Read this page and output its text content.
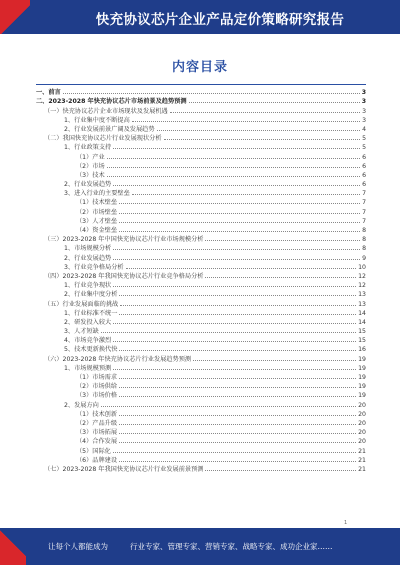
快充协议芯片企业产品定价策略研究报告
内容目录
一、前言	3
二、2023-2028 年快充协议芯片市场前景及趋势预测	3
（一）快充协议芯片企业市场现状及发展机遇	3
1、行业集中度不断提高	3
2、行业发展前景广阔及发展趋势	4
（二）我国快充协议芯片行业发展现状分析	5
1、行业政策支持	5
（1）产业	6
（2）市场	6
（3）技术	6
2、行业发展趋势	6
3、进入行业的主要壁垒	7
（1）技术壁垒	7
（2）市场壁垒	7
（3）人才壁垒	7
（4）资金壁垒	8
（三）2023-2028 年中国快充协议芯片行业市场规模分析	8
1、市场规模分析	8
2、行业发展趋势	9
3、行业竞争格局分析	10
（四）2023-2028 年我国快充协议芯片行业竞争格局分析	12
1、行业竞争现状	12
2、行业集中度分析	13
（五）行业发展面临的挑战	13
1、行业标准不统一	14
2、研发投入较大	14
3、人才短缺	15
4、市场竞争激烈	15
5、技术更新换代快	16
（六）2023-2028 年快充协议芯片行业发展趋势预测	19
1、市场规模预测	19
（1）市场需求	19
（2）市场供给	19
（3）市场价格	19
2、发展方向	20
（1）技术创新	20
（2）产品升级	20
（3）市场拓展	20
（4）合作发展	20
（5）国际化	21
（6）品牌建设	21
（七）2023-2028 年我国快充协议芯片行业发展前景预测	21
1
让每个人都能成为	行业专家、管理专家、营销专家、战略专家、成功企业家……
